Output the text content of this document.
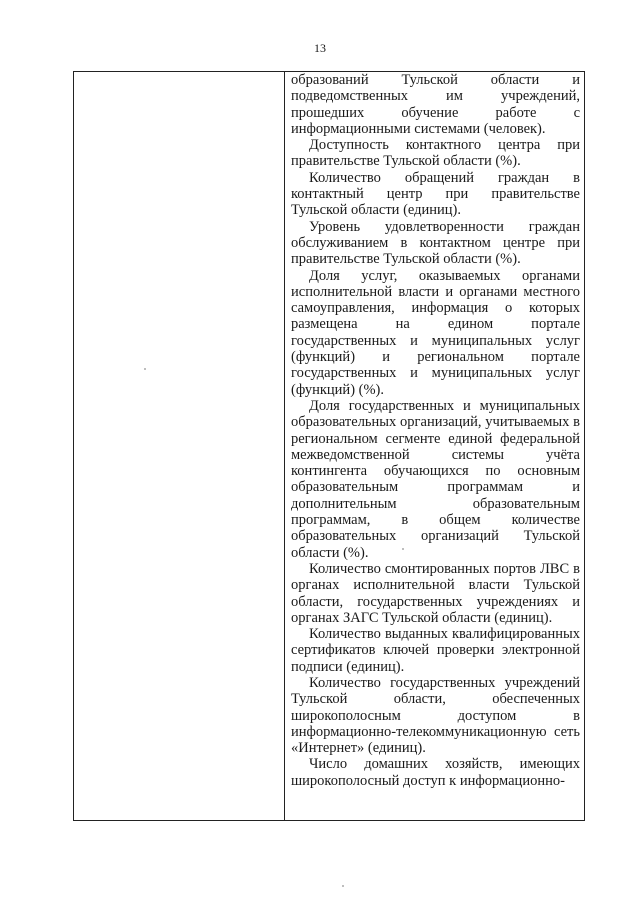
13

образований Тульской области и подведомственных им учреждений, прошедших обучение работе с информационными системами (человек).

Доступность контактного центра при правительстве Тульской области (%).

Количество обращений граждан в контактный центр при правительстве Тульской области (единиц).

Уровень удовлетворенности граждан обслуживанием в контактном центре при правительстве Тульской области (%).

Доля услуг, оказываемых органами исполнительной власти и органами местного самоуправления, информация о которых размещена на едином портале государственных и муниципальных услуг (функций) и региональном портале государственных и муниципальных услуг (функций) (%).

Доля государственных и муниципальных образовательных организаций, учитываемых в региональном сегменте единой федеральной межведомственной системы учёта контингента обучающихся по основным образовательным программам и дополнительным образовательным программам, в общем количестве образовательных организаций Тульской области (%).

Количество смонтированных портов ЛВС в органах исполнительной власти Тульской области, государственных учреждениях и органах ЗАГС Тульской области (единиц).

Количество выданных квалифицированных сертификатов ключей проверки электронной подписи (единиц).

Количество государственных учреждений Тульской области, обеспеченных широкополосным доступом в информационно-телекоммуникационную сеть «Интернет» (единиц).

Число домашних хозяйств, имеющих широкополосный доступ к информационно-
